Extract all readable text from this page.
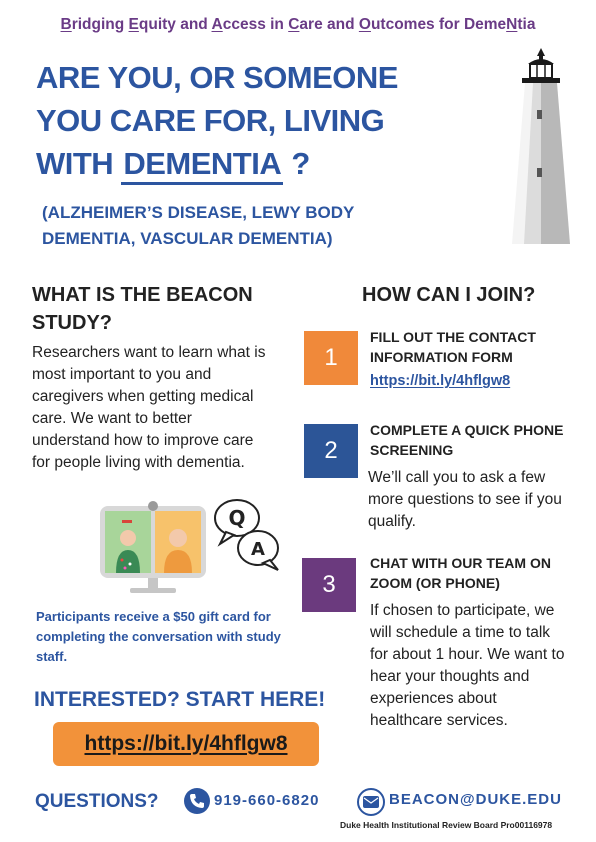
Bridging Equity and Access in Care and Outcomes for DemeNtia
ARE YOU, OR SOMEONE
YOU CARE FOR, LIVING
WITH DEMENTIA ?
(ALZHEIMER’S DISEASE, LEWY BODY
DEMENTIA, VASCULAR DEMENTIA)
WHAT IS THE BEACON
STUDY?
Researchers want to learn what is most important to you and caregivers when getting medical care. We want to better understand how to improve care for people living with dementia.
Q
A
Participants receive a $50 gift card for completing the conversation with study staff.
HOW CAN I JOIN?
1
FILL OUT THE CONTACT INFORMATION FORM
https://bit.ly/4hflgw8
2
COMPLETE A QUICK PHONE SCREENING
We’ll call you to ask a few more questions to see if you qualify.
3
CHAT WITH OUR TEAM ON ZOOM (OR PHONE)
If chosen to participate, we will schedule a time to talk for about 1 hour. We want to hear your thoughts and experiences about healthcare services.
INTERESTED? START HERE!
https://bit.ly/4hflgw8
QUESTIONS?	919-660-6820	BEACON@DUKE.EDU
Duke Health Institutional Review Board Pro00116978
